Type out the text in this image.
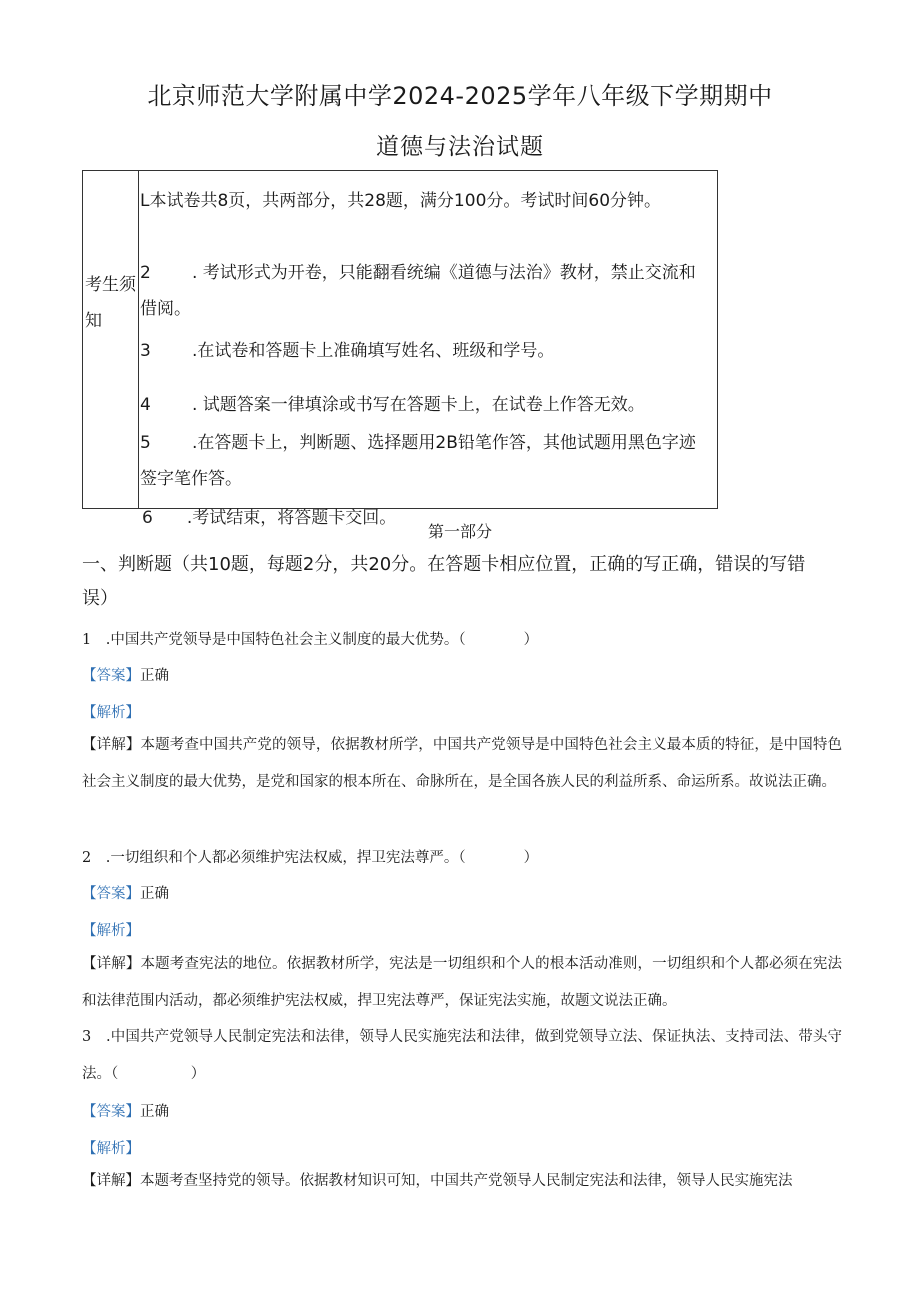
北京师范大学附属中学2024-2025学年八年级下学期期中
道德与法治试题
考生须知
L本试卷共8页，共两部分，共28题，满分100分。考试时间60分钟。
2 . 考试形式为开卷，只能翻看统编《道德与法治》教材，禁止交流和借阅。
3 .在试卷和答题卡上准确填写姓名、班级和学号。
4 . 试题答案一律填涂或书写在答题卡上，在试卷上作答无效。
5 .在答题卡上，判断题、选择题用2B铅笔作答，其他试题用黑色字迹签字笔作答。
6　　.考试结束，将答题卡交回。
第一部分
一、判断题（共10题，每题2分，共20分。在答题卡相应位置，正确的写正确，错误的写错误）
1　.中国共产党领导是中国特色社会主义制度的最大优势。（　　　　）
【答案】正确
【解析】
【详解】本题考查中国共产党的领导，依据教材所学，中国共产党领导是中国特色社会主义最本质的特征，是中国特色社会主义制度的最大优势，是党和国家的根本所在、命脉所在，是全国各族人民的利益所系、命运所系。故说法正确。
2　.一切组织和个人都必须维护宪法权威，捍卫宪法尊严。（　　　　）
【答案】正确
【解析】
【详解】本题考查宪法的地位。依据教材所学，宪法是一切组织和个人的根本活动准则，一切组织和个人都必须在宪法和法律范围内活动，都必须维护宪法权威，捍卫宪法尊严，保证宪法实施，故题文说法正确。
3　.中国共产党领导人民制定宪法和法律，领导人民实施宪法和法律，做到党领导立法、保证执法、支持司法、带头守法。（　　　　　）
【答案】正确
【解析】
【详解】本题考查坚持党的领导。依据教材知识可知，中国共产党领导人民制定宪法和法律，领导人民实施宪法
